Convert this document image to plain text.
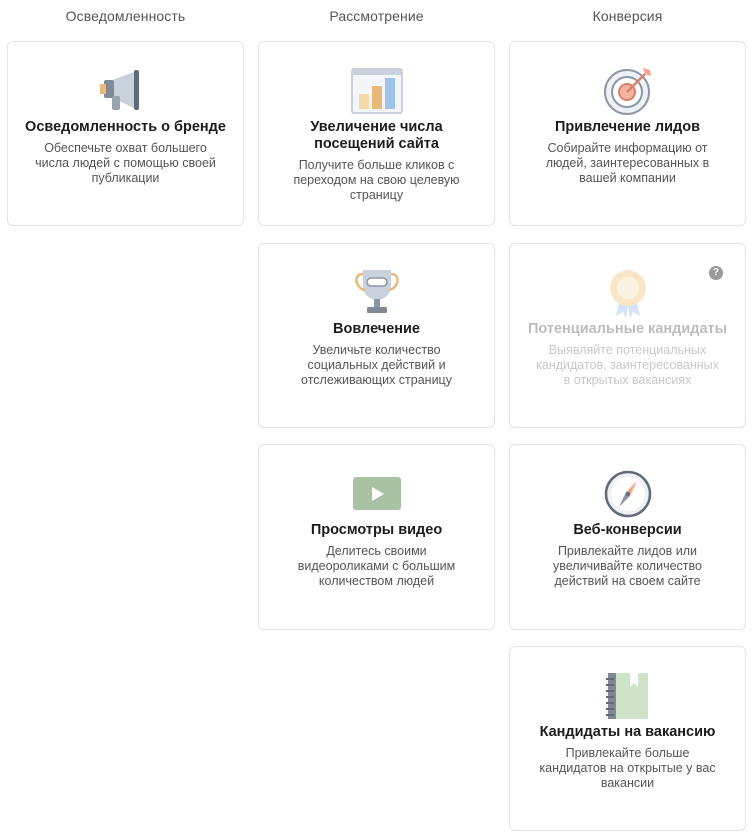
Осведомленность	Рассмотрение	Конверсия
Осведомленность о бренде
Обеспечьте охват большего числа людей с помощью своей публикации
Увеличение числа посещений сайта
Получите больше кликов с переходом на свою целевую страницу
Привлечение лидов
Собирайте информацию от людей, заинтересованных в вашей компании
Вовлечение
Увеличьте количество социальных действий и отслеживающих страницу
?
Потенциальные кандидаты
Выявляйте потенциальных кандидатов, заинтересованных в открытых вакансиях
Просмотры видео
Делитесь своими видеороликами с большим количеством людей
Веб-конверсии
Привлекайте лидов или увеличивайте количество действий на своем сайте
Кандидаты на вакансию
Привлекайте больше кандидатов на открытые у вас вакансии
